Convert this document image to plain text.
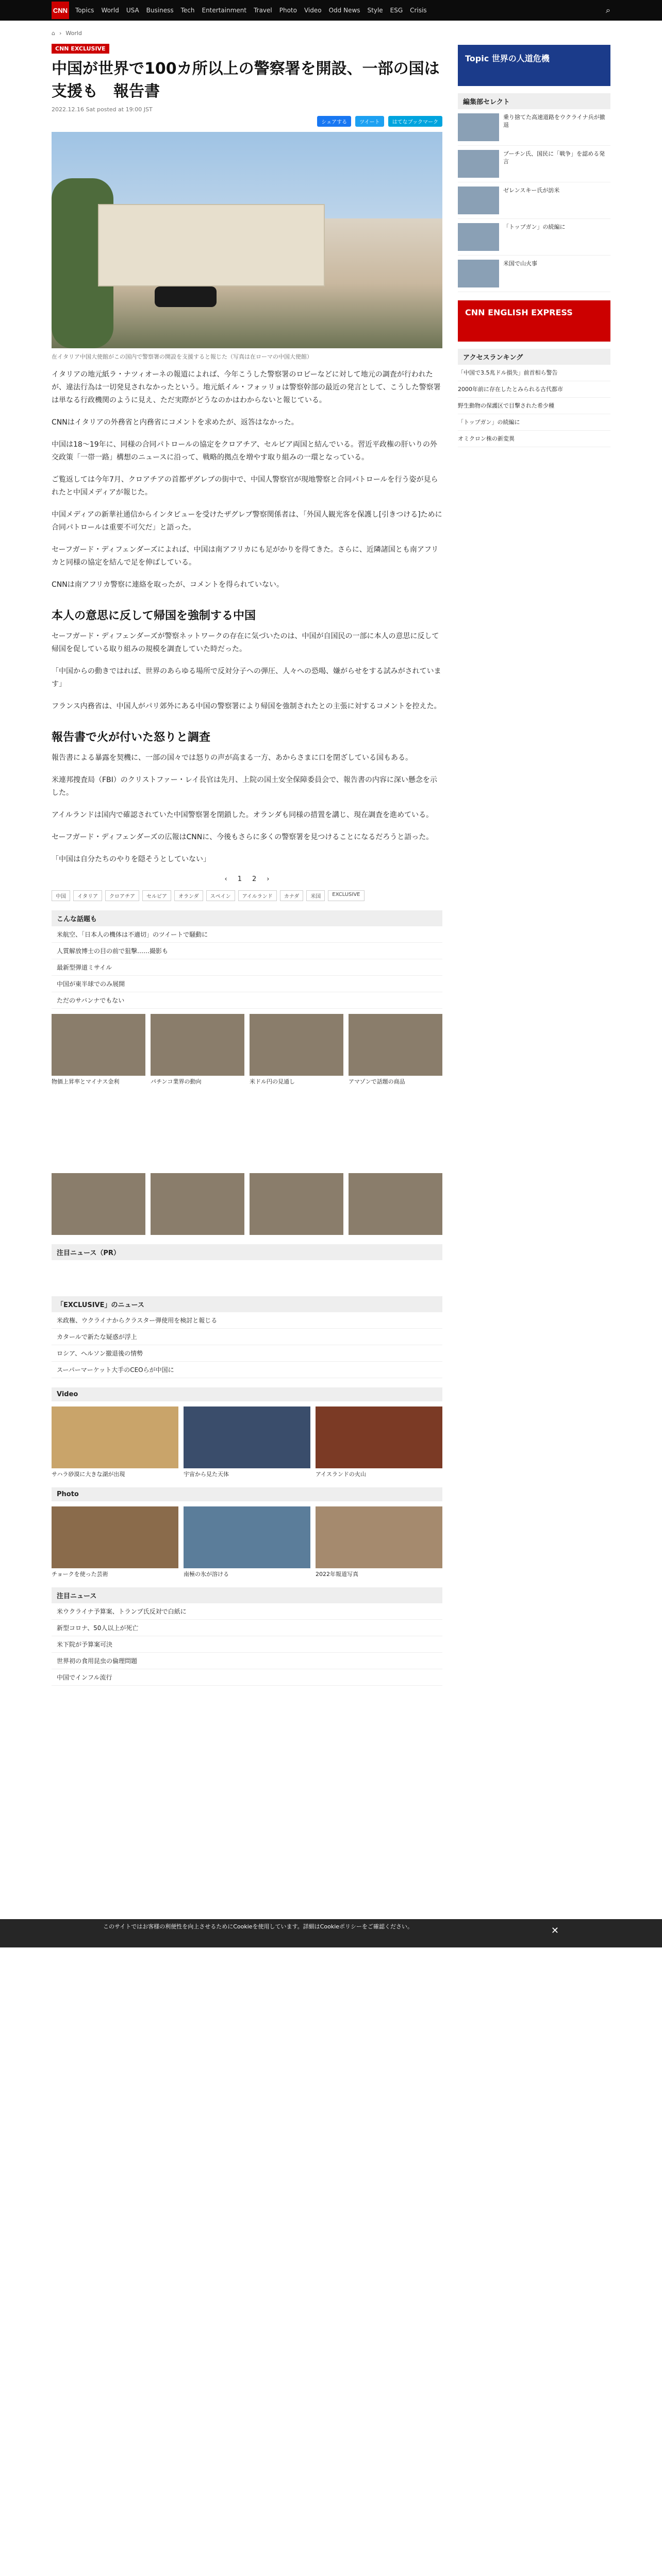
CNN Topics World USA Business Tech Entertainment Travel Photo Video Odd News Style ESG Crisis	⌕
⌂ › World
CNN EXCLUSIVE
中国が世界で100カ所以上の警察署を開設、一部の国は支援も　報告書
2022.12.16 Sat posted at 19:00 JST
シェアする	ツイート	はてなブックマーク
在イタリア中国大使館がこの国内で警察署の開設を支援すると報じた（写真は在ローマの中国大使館）

イタリアの地元紙ラ・ナツィオーネの報道によれば、今年こうした警察署のロビーなどに対して地元の調査が行われたが、違法行為は一切発見されなかったという。地元紙イル・フォッリョは警察幹部の最近の発言として、こうした警察署は単なる行政機関のように見え、ただ実際がどうなのかはわからないと報じている。

CNNはイタリアの外務省と内務省にコメントを求めたが、返答はなかった。

中国は18～19年に、同様の合同パトロールの協定をクロアチア、セルビア両国と結んでいる。習近平政権の肝いりの外交政策「一帯一路」構想のニュースに沿って、戦略的拠点を増やす取り組みの一環となっている。

ご覧返しては今年7月、クロアチアの首都ザグレブの街中で、中国人警察官が現地警察と合同パトロールを行う姿が見られたと中国メディアが報じた。

中国メディアの新華社通信からインタビューを受けたザグレブ警察関係者は、「外国人観光客を保護し[引きつける]ために合同パトロールは重要不可欠だ」と語った。

セーフガード・ディフェンダーズによれば、中国は南アフリカにも足がかりを得てきた。さらに、近隣諸国とも南アフリカと同様の協定を結んで足を伸ばしている。

CNNは南アフリカ警察に連絡を取ったが、コメントを得られていない。

本人の意思に反して帰国を強制する中国

セーフガード・ディフェンダーズが警察ネットワークの存在に気づいたのは、中国が自国民の一部に本人の意思に反して帰国を促している取り組みの規模を調査していた時だった。

「中国からの動きではれば、世界のあらゆる場所で反対分子への弾圧、人々への恐喝、嫌がらせをする試みがされています」

フランス内務省は、中国人がパリ郊外にある中国の警察署により帰国を強制されたとの主張に対するコメントを控えた。

報告書で火が付いた怒りと調査

報告書による暴露を契機に、一部の国々では怒りの声が高まる一方、あからさまに口を閉ざしている国もある。

米連邦捜査局（FBI）のクリストファー・レイ長官は先月、上院の国土安全保障委員会で、報告書の内容に深い懸念を示した。

アイルランドは国内で確認されていた中国警察署を閉鎖した。オランダも同様の措置を講じ、現在調査を進めている。

セーフガード・ディフェンダーズの広報はCNNに、今後もさらに多くの警察署を見つけることになるだろうと語った。

「中国は自分たちのやりを隠そうとしていない」

‹ 1 2 ›
中国	イタリア	クロアチア	セルビア	オランダ	スペイン	アイルランド	カナダ	米国	EXCLUSIVE
こんな話題も
米航空、「日本人の機体は不適切」のツイートで騒動に
人質解放博士の目の前で狙撃……撮影も
最新型弾道ミサイル
中国が東半球でのみ展開
ただのサバンナでもない
物価上昇率とマイナス金利	パチンコ業界の動向	米ドル円の見通し	アマゾンで話題の商品
注目ニュース（PR）
「EXCLUSIVE」のニュース
米政権、ウクライナからクラスター弾使用を検討と報じる
カタールで新たな疑惑が浮上
ロシア、ヘルソン撤退後の情勢
スーパーマーケット大手のCEOらが中国に
Video
サハラ砂漠に大きな湖が出現	宇宙から見た天体	アイスランドの火山
Photo
チョークを使った芸術	南極の氷が溶ける	2022年報道写真
注目ニュース
米ウクライナ予算案、トランプ氏反対で白紙に
新型コロナ、50人以上が死亡
米下院が予算案可決
世界初の食用昆虫の倫理問題
中国でインフル流行
Topic 世界の人道危機
編集部セレクト
乗り捨てた高速道路をウクライナ兵が撤退
プーチン氏、国民に「戦争」を認める発言
ゼレンスキー氏が訪米
「トップガン」の続編に
米国で山火事
CNN ENGLISH EXPRESS
アクセスランキング
「中国で3.5兆ドル損失」前首相ら警告
2000年前に存在したとみられる古代都市
野生動物の保護区で目撃された希少種
「トップガン」の続編に
オミクロン株の新変異
このサイトではお客様の利便性を向上させるためにCookieを使用しています。詳細はCookieポリシーをご確認ください。	✕
